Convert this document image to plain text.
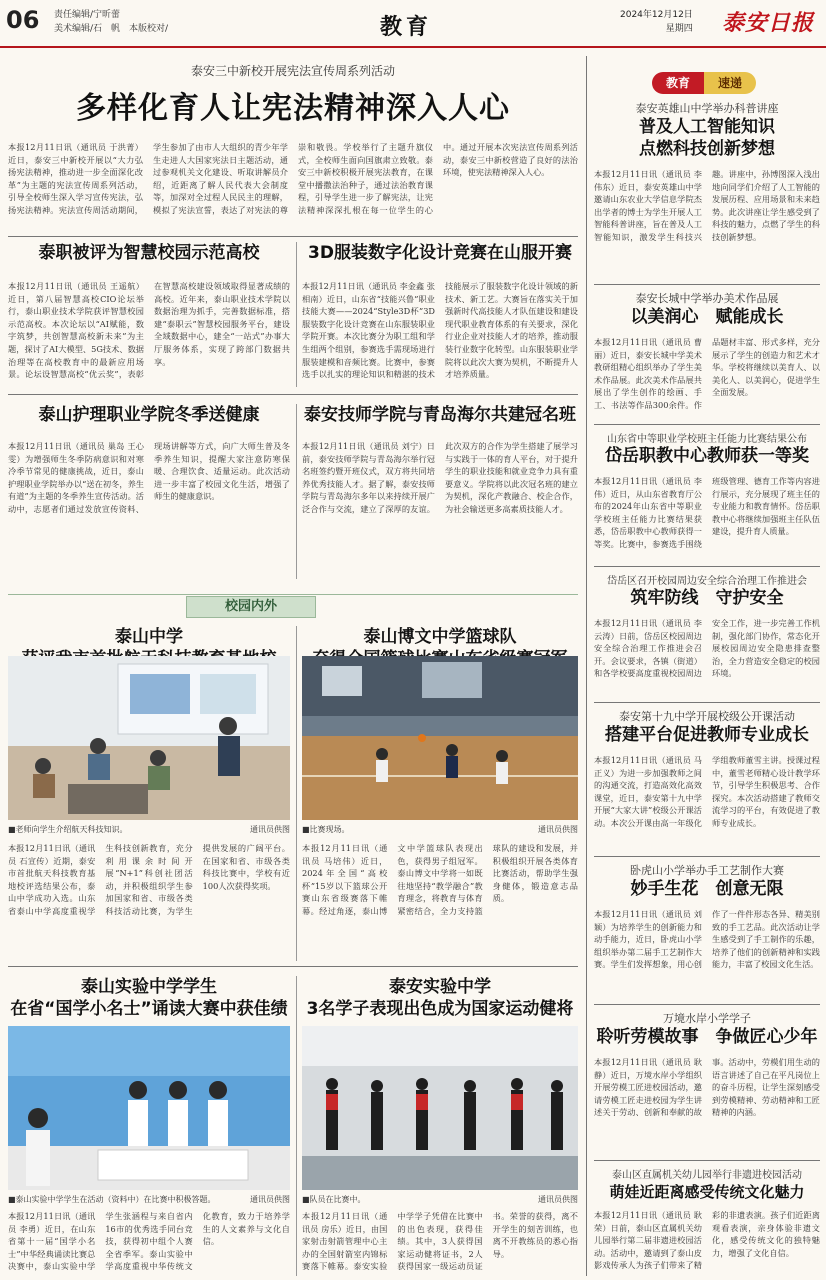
06 责任编辑/宁昕蕾
美术编辑/石　帆　本版校对/	教育	2024年12月12日
星期四 泰安日报
泰安三中新校开展宪法宣传周系列活动
多样化育人让宪法精神深入人心
本报12月11日讯（通讯员 于洪菁）近日，泰安三中新校开展以“大力弘扬宪法精神，推动进一步全面深化改革”为主题的宪法宣传周系列活动，引导全校师生深入学习宣传宪法，弘扬宪法精神。宪法宣传周活动期间，学生参加了由市人大组织的青少年学生走进人大国家宪法日主题活动，通过参观机关文化建设、听取讲解员介绍，近距离了解人民代表大会制度等，加深对全过程人民民主的理解，模拟了宪法宣誓，表达了对宪法的尊崇和敬畏。学校举行了主题升旗仪式，全校师生面向国旗肃立致敬。泰安三中新校积极开展宪法教育，在课堂中播撒法治种子，通过法治教育课程，引导学生进一步了解宪法，让宪法精神深深扎根在每一位学生的心中。通过开展本次宪法宣传周系列活动，泰安三中新校营造了良好的法治环境，使宪法精神深入人心。
泰职被评为智慧校园示范高校
本报12月11日讯（通讯员 王遥航）近日，第八届智慧高校CIO论坛举行，泰山职业技术学院获评智慧校园示范高校。本次论坛以“AI赋能，数字筑梦，共创智慧高校新未来”为主题，探讨了AI大模型、5G技术、数据治理等在高校教育中的最新应用场景。论坛设智慧高校“优云奖”，表彰在智慧高校建设领域取得显著成绩的高校。近年来，泰山职业技术学院以数据治理为抓手，完善数据标准，搭建“泰职云”智慧校园服务平台，建设全域数据中心，建全“一站式”办事大厅服务体系，实现了跨部门数据共享。
3D服装数字化设计竞赛在山服开赛
本报12月11日讯（通讯员 李金鑫 张相南）近日，山东省“技能兴鲁”职业技能大赛——2024“Style3D杯”3D服装数字化设计竞赛在山东服装职业学院开赛。本次比赛分为职工组和学生组两个组别，参赛选手需现场进行服装建模和音频比赛。比赛中，参赛选手以扎实的理论知识和精湛的技术技能展示了服装数字化设计领域的新技术、新工艺。大赛旨在落实关于加强新时代高技能人才队伍建设和建设现代职业教育体系的有关要求，深化行业企业对技能人才的培养，推动服装行业数字化转型。山东服装职业学院将以此次大赛为契机，不断提升人才培养质量。
泰山护理职业学院冬季送健康
本报12月11日讯（通讯员 巢岛 王心雯）为增强师生冬季防病意识和对寒冷季节常见的健康挑战，近日，泰山护理职业学院举办以“送在初冬，养生有道”为主题的冬季养生宣传活动。活动中，志愿者们通过发放宣传资料、现场讲解等方式，向广大师生普及冬季养生知识，提醒大家注意防寒保暖、合理饮食、适量运动。此次活动进一步丰富了校园文化生活，增强了师生的健康意识。
泰安技师学院与青岛海尔共建冠名班
本报12月11日讯（通讯员 刘宁）日前，泰安技师学院与青岛海尔举行冠名班签约暨开班仪式，双方将共同培养优秀技能人才。据了解，泰安技师学院与青岛海尔多年以来持续开展广泛合作与交流，建立了深厚的友谊。此次双方的合作为学生搭建了展学习与实践于一体的育人平台，对于提升学生的职业技能和就业竞争力具有重要意义。学院将以此次冠名班的建立为契机，深化产教融合、校企合作，为社会输送更多高素质技能人才。
校园内外
泰山中学
■老师向学生介绍航天科技知识。	通讯员供图
本报12月11日讯（通讯员 石宣传）近期，泰安市首批航天科技教育基地校评选结果公布，泰山中学成功入选。山东省泰山中学高度重视学生科技创新教育，充分利用课余时间开展“N+1”科创社团活动，并积极组织学生参加国家和省、市级各类科技活动比赛，为学生提供发展的广阔平台。在国家和省、市级各类科技比赛中，学校有近100人次获得奖项。
泰山博文中学篮球队
■比赛现场。	通讯员供图
本报12月11日讯（通讯员 马培伟）近日，2024年全国“高校杯”15岁以下篮球公开赛山东省级赛落下帷幕。经过角逐，泰山博文中学篮球队表现出色，获得男子组冠军。泰山博文中学将一如既往地坚持“教学融合”教育理念，将教育与体育紧密结合，全力支持篮球队的建设和发展，并积极组织开展各类体育比赛活动，帮助学生强身健体，锻造意志品质。
泰山实验中学学生
在省“国学小名士”诵读大赛中获佳绩
■泰山实验中学学生在活动（资料中）在比赛中积极答题。	通讯员供图
本报12月11日讯（通讯员 李勇）近日，在山东省第十一届“国学小名士”中华经典诵读比赛总决赛中，泰山实验中学学生张涵程与来自省内16市的优秀选手同台竞技，获得初中组个人赛全省季军。泰山实验中学高度重视中华传统文化教育，致力于培养学生的人文素养与文化自信。
泰安实验中学
3名学子表现出色成为国家运动健将
■队员在比赛中。	通讯员供图
本报12月11日讯（通讯员 房乐）近日，由国家射击射箭管理中心主办的全国射箭室内锦标赛落下帷幕。泰安实验中学学子凭借在比赛中的出色表现，获得佳绩。其中，3人获得国家运动健将证书，2人获得国家一级运动员证书。荣誉的获得，离不开学生的刻苦训练，也离不开教练员的悉心指导。
教育	速递
泰安英雄山中学举办科普讲座
普及人工智能知识
点燃科技创新梦想
本报12月11日讯（通讯员 李伟东）近日，泰安英雄山中学邀请山东农业大学信息学院杰出学者的博士为学生开展人工智能科普讲座，旨在普及人工智能知识，激发学生科技兴趣。讲座中，孙博图深入浅出地向同学们介绍了人工智能的发展历程、应用场景和未来趋势。此次讲座让学生感受到了科技的魅力，点燃了学生的科技创新梦想。
泰安长城中学举办美术作品展
以美润心　赋能成长
本报12月11日讯（通讯员 曹丽）近日，泰安长城中学美术教研组精心组织举办了学生美术作品展。此次美术作品展共展出了学生创作的绘画、手工、书法等作品300余件。作品题材丰富、形式多样，充分展示了学生的创造力和艺术才华。学校将继续以美育人、以美化人、以美润心，促进学生全面发展。
山东省中等职业学校班主任能力比赛结果公布
岱岳职教中心教师获一等奖
本报12月11日讯（通讯员 李伟）近日，从山东省教育厅公布的2024年山东省中等职业学校班主任能力比赛结果获悉，岱岳职教中心教师获得一等奖。比赛中，参赛选手围绕班级管理、德育工作等内容进行展示，充分展现了班主任的专业能力和教育情怀。岱岳职教中心将继续加强班主任队伍建设，提升育人质量。
岱岳区召开校园周边安全综合治理工作推进会
筑牢防线　守护安全
本报12月11日讯（通讯员 李云涛）日前，岱岳区校园周边安全综合治理工作推进会召开。会议要求，各镇（街道）和各学校要高度重视校园周边安全工作，进一步完善工作机制，强化部门协作，常态化开展校园周边安全隐患排查整治，全力营造安全稳定的校园环境。
泰安第十九中学开展校级公开课活动
搭建平台促进教师专业成长
本报12月11日讯（通讯员 马正义）为进一步加强教师之间的沟通交流，打造高效化高效课堂，近日，泰安第十九中学开展“大家大讲”校级公开课活动。本次公开课由高一年级化学组教师董雪主讲。授课过程中，董雪老师精心设计教学环节，引导学生积极思考、合作探究。本次活动搭建了教师交流学习的平台，有效促进了教师专业成长。
卧虎山小学举办手工艺制作大赛
妙手生花　创意无限
本报12月11日讯（通讯员 刘颖）为培养学生的创新能力和动手能力，近日，卧虎山小学组织举办第二届手工艺制作大赛。学生们发挥想象，用心创作了一件件形态各异、精美别致的手工艺品。此次活动让学生感受到了手工制作的乐趣，培养了他们的创新精神和实践能力，丰富了校园文化生活。
万境水岸小学学子
聆听劳模故事　争做匠心少年
本报12月11日讯（通讯员 耿静）近日，万境水岸小学组织开展劳模工匠进校园活动，邀请劳模工匠走进校园为学生讲述关于劳动、创新和奉献的故事。活动中，劳模们用生动的语言讲述了自己在平凡岗位上的奋斗历程，让学生深刻感受到劳模精神、劳动精神和工匠精神的内涵。
泰山区直属机关幼儿园举行非遗进校园活动
萌娃近距离感受传统文化魅力
本报12月11日讯（通讯员 耿荣）日前，泰山区直属机关幼儿园举行第二届非遗进校园活动。活动中，邀请到了泰山皮影戏传承人为孩子们带来了精彩的非遗表演。孩子们近距离观看表演，亲身体验非遗文化，感受传统文化的独特魅力，增强了文化自信。
